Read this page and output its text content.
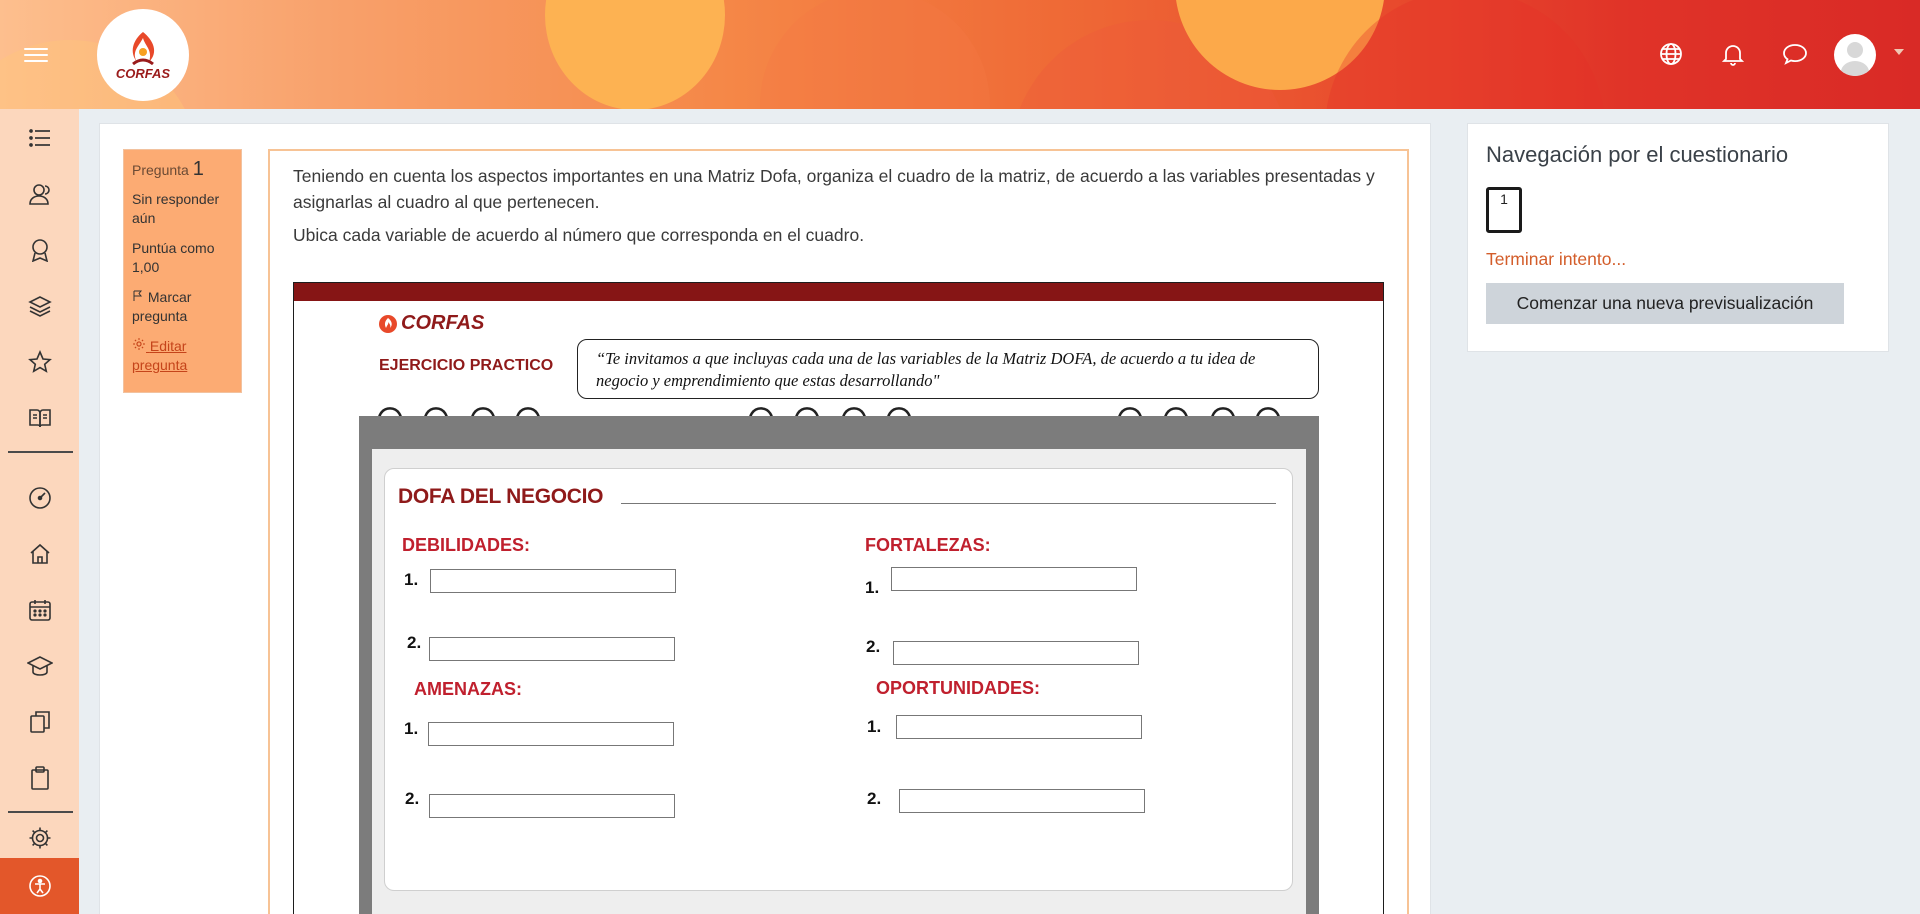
CORFAS
Pregunta 1
Sin responder aún
Puntúa como 1,00
Marcar pregunta
Editar pregunta
Teniendo en cuenta los aspectos importantes en una Matriz Dofa, organiza el cuadro de la matriz, de acuerdo a las variables presentadas y asignarlas al cuadro al que pertenecen.
Ubica cada variable de acuerdo al número que corresponda en el cuadro.
CORFAS
EJERCICIO PRACTICO	“Te invitamos a que incluyas cada una de las variables de la Matriz DOFA, de acuerdo a tu idea de negocio y emprendimiento que estas desarrollando"
DOFA DEL NEGOCIO
DEBILIDADES:
1.
2.
FORTALEZAS:
1.
2.
AMENAZAS:
1.
2.
OPORTUNIDADES:
1.
2.
Navegación por el cuestionario
1
Terminar intento...
Comenzar una nueva previsualización
